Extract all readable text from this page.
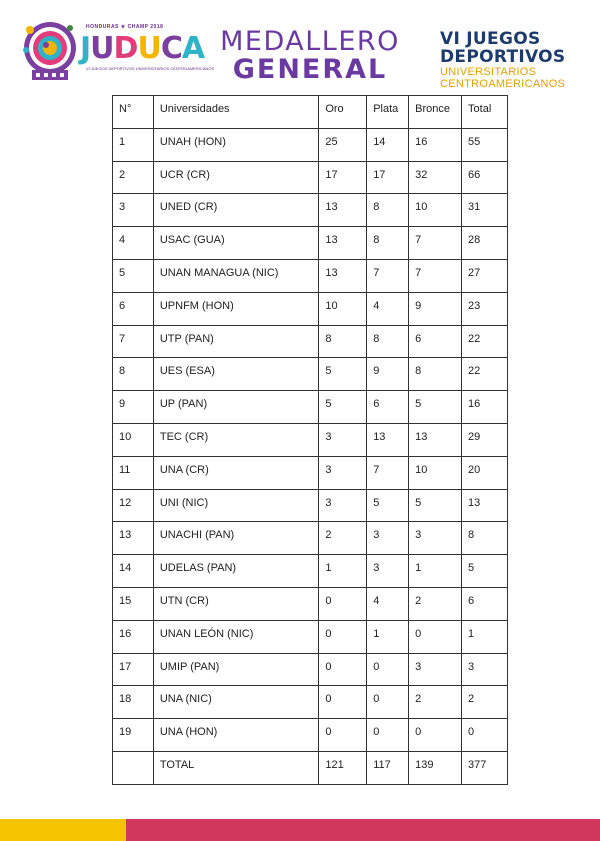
HONDURAS ★ CHAMP 2018
JUDUCA
VI JUEGOS DEPORTIVOS UNIVERSITARIOS CENTROAMERICANOS
MEDALLERO
GENERAL
VI JUEGOS
DEPORTIVOS
UNIVERSITARIOS
CENTROAMERICANOS
N°	Universidades	Oro	Plata	Bronce	Total

1	UNAH (HON)	25	14	16	55

2	UCR (CR)	17	17	32	66

3	UNED (CR)	13	8	10	31

4	USAC (GUA)	13	8	7	28

5	UNAN MANAGUA (NIC)	13	7	7	27

6	UPNFM (HON)	10	4	9	23

7	UTP (PAN)	8	8	6	22

8	UES (ESA)	5	9	8	22

9	UP (PAN)	5	6	5	16

10	TEC (CR)	3	13	13	29

11	UNA (CR)	3	7	10	20

12	UNI (NIC)	3	5	5	13

13	UNACHI (PAN)	2	3	3	8

14	UDELAS (PAN)	1	3	1	5

15	UTN (CR)	0	4	2	6

16	UNAN LEÓN (NIC)	0	1	0	1

17	UMIP (PAN)	0	0	3	3

18	UNA (NIC)	0	0	2	2

19	UNA (HON)	0	0	0	0

	TOTAL	121	117	139	377
